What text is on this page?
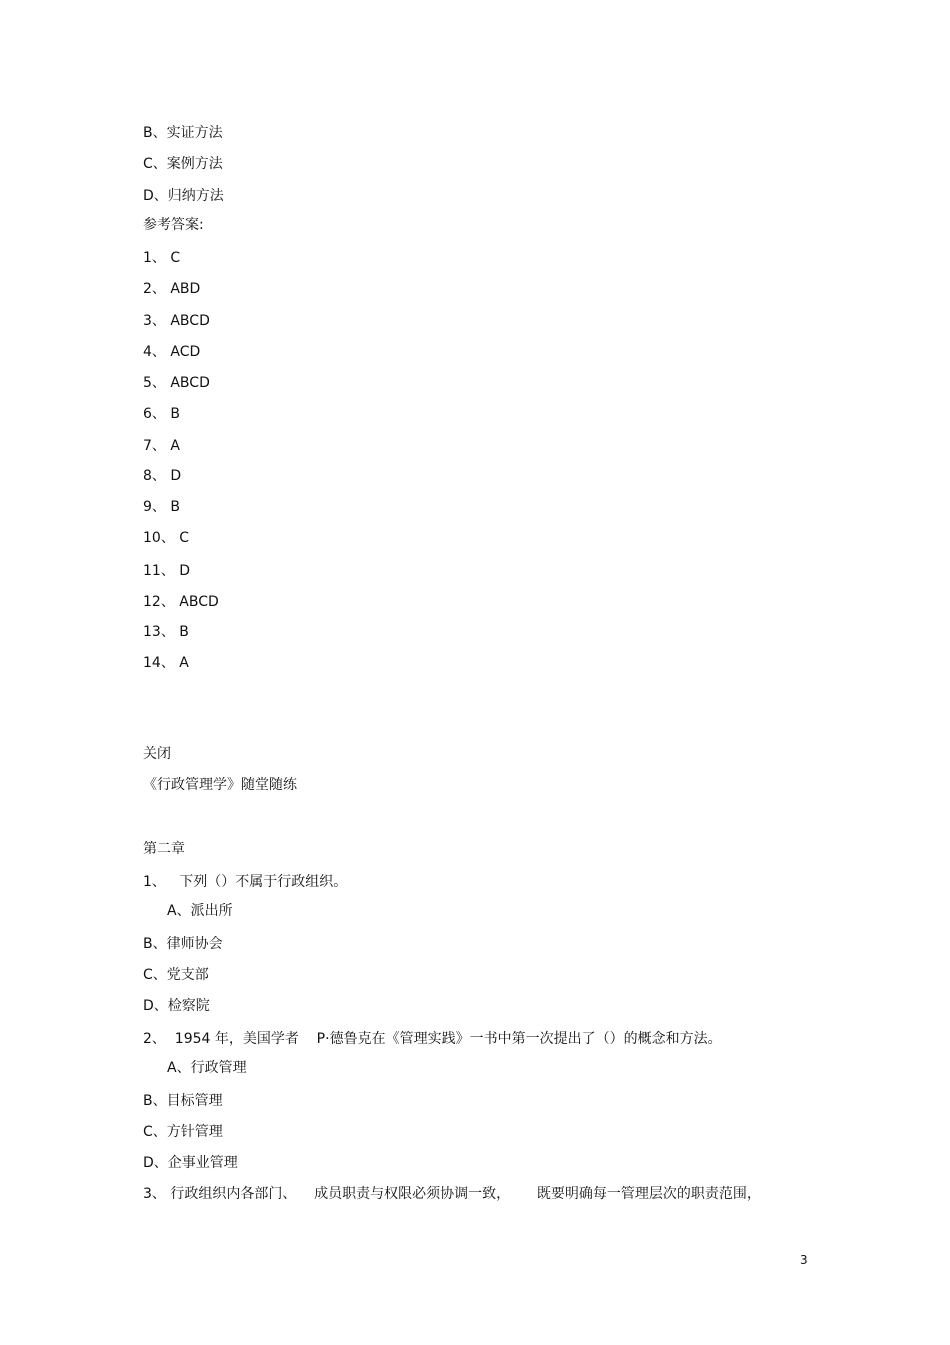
B、实证方法
C、案例方法
D、归纳方法
参考答案:
1、 C
2、 ABD
3、 ABCD
4、 ACD
5、 ABCD
6、 B
7、 A
8、 D
9、 B
10、 C
11、 D
12、 ABCD
13、 B
14、 A
关闭
《行政管理学》随堂随练
第二章
1、   下列（）不属于行政组织。
A、派出所
B、律师协会
C、党支部
D、检察院
2、  1954 年，美国学者    P·德鲁克在《管理实践》一书中第一次提出了（）的概念和方法。
A、行政管理
B、目标管理
C、方针管理
D、企事业管理
3、 行政组织内各部门、    成员职责与权限必须协调一致，      既要明确每一管理层次的职责范围，
3
